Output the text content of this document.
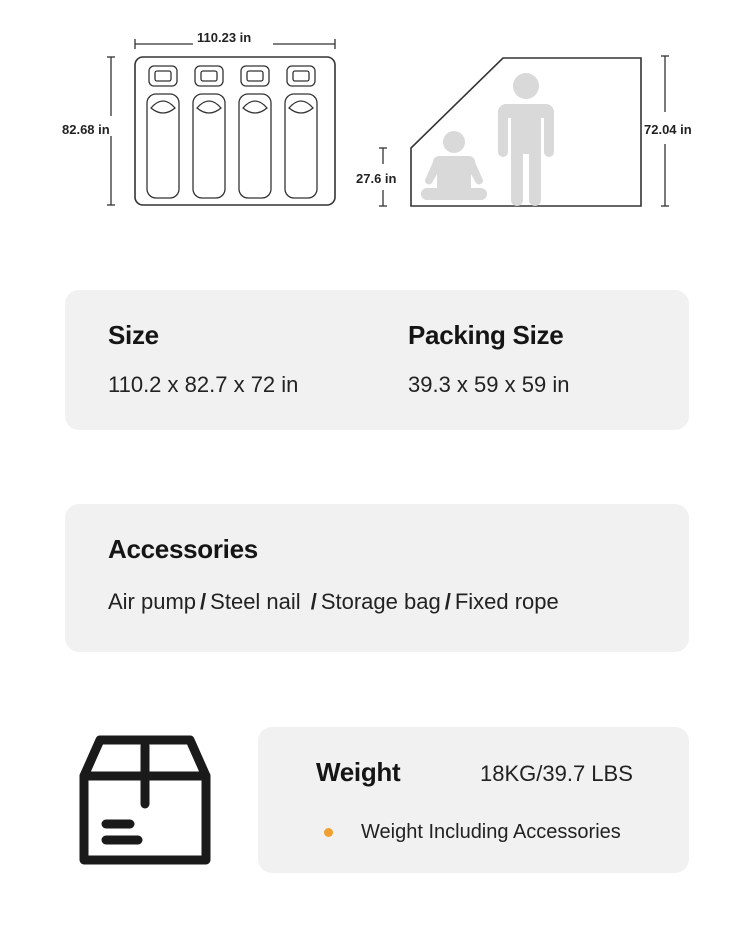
110.23 in
82.68 in
27.6 in
72.04 in
Size
110.2 x 82.7 x 72 in
Packing Size
39.3 x 59 x 59 in
Accessories
Air pump / Steel nail / Storage bag / Fixed rope
Weight	18KG/39.7 LBS
Weight Including Accessories
